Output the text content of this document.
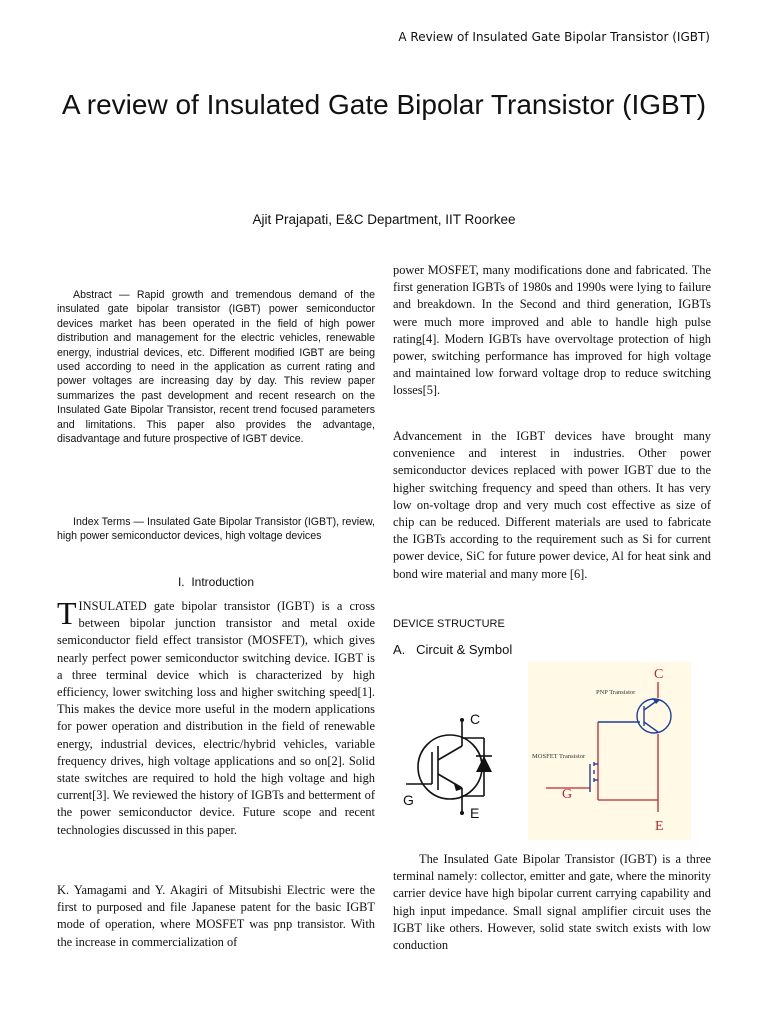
A Review of Insulated Gate Bipolar Transistor (IGBT)
A review of Insulated Gate Bipolar Transistor (IGBT)
Ajit Prajapati, E&C Department, IIT Roorkee
Abstract — Rapid growth and tremendous demand of the insulated gate bipolar transistor (IGBT) power semiconductor devices market has been operated in the field of high power distribution and management for the electric vehicles, renewable energy, industrial devices, etc. Different modified IGBT are being used according to need in the application as current rating and power voltages are increasing day by day. This review paper summarizes the past development and recent research on the Insulated Gate Bipolar Transistor, recent trend focused parameters and limitations. This paper also provides the advantage, disadvantage and future prospective of IGBT device.
Index Terms — Insulated Gate Bipolar Transistor (IGBT), review, high power semiconductor devices, high voltage devices
I. Introduction
TINSULATED gate bipolar transistor (IGBT) is a cross between bipolar junction transistor and metal oxide semiconductor field effect transistor (MOSFET), which gives nearly perfect power semiconductor switching device. IGBT is a three terminal device which is characterized by high efficiency, lower switching loss and higher switching speed[1]. This makes the device more useful in the modern applications for power operation and distribution in the field of renewable energy, industrial devices, electric/hybrid vehicles, variable frequency drives, high voltage applications and so on[2]. Solid state switches are required to hold the high voltage and high current[3]. We reviewed the history of IGBTs and betterment of the power semiconductor device. Future scope and recent technologies discussed in this paper.
K. Yamagami and Y. Akagiri of Mitsubishi Electric were the first to purposed and file Japanese patent for the basic IGBT mode of operation, where MOSFET was pnp transistor. With the increase in commercialization of
power MOSFET, many modifications done and fabricated. The first generation IGBTs of 1980s and 1990s were lying to failure and breakdown. In the Second and third generation, IGBTs were much more improved and able to handle high pulse rating[4]. Modern IGBTs have overvoltage protection of high power, switching performance has improved for high voltage and maintained low forward voltage drop to reduce switching losses[5].
Advancement in the IGBT devices have brought many convenience and interest in industries. Other power semiconductor devices replaced with power IGBT due to the higher switching frequency and speed than others. It has very low on-voltage drop and very much cost effective as size of chip can be reduced. Different materials are used to fabricate the IGBTs according to the requirement such as Si for current power device, SiC for future power device, Al for heat sink and bond wire material and many more [6].
DEVICE STRUCTURE
A. Circuit & Symbol
C
G
E
C
PNP Transistor
MOSFET Transistor
G
E
The Insulated Gate Bipolar Transistor (IGBT) is a three terminal namely: collector, emitter and gate, where the minority carrier device have high bipolar current carrying capability and high input impedance. Small signal amplifier circuit uses the IGBT like others. However, solid state switch exists with low conduction
